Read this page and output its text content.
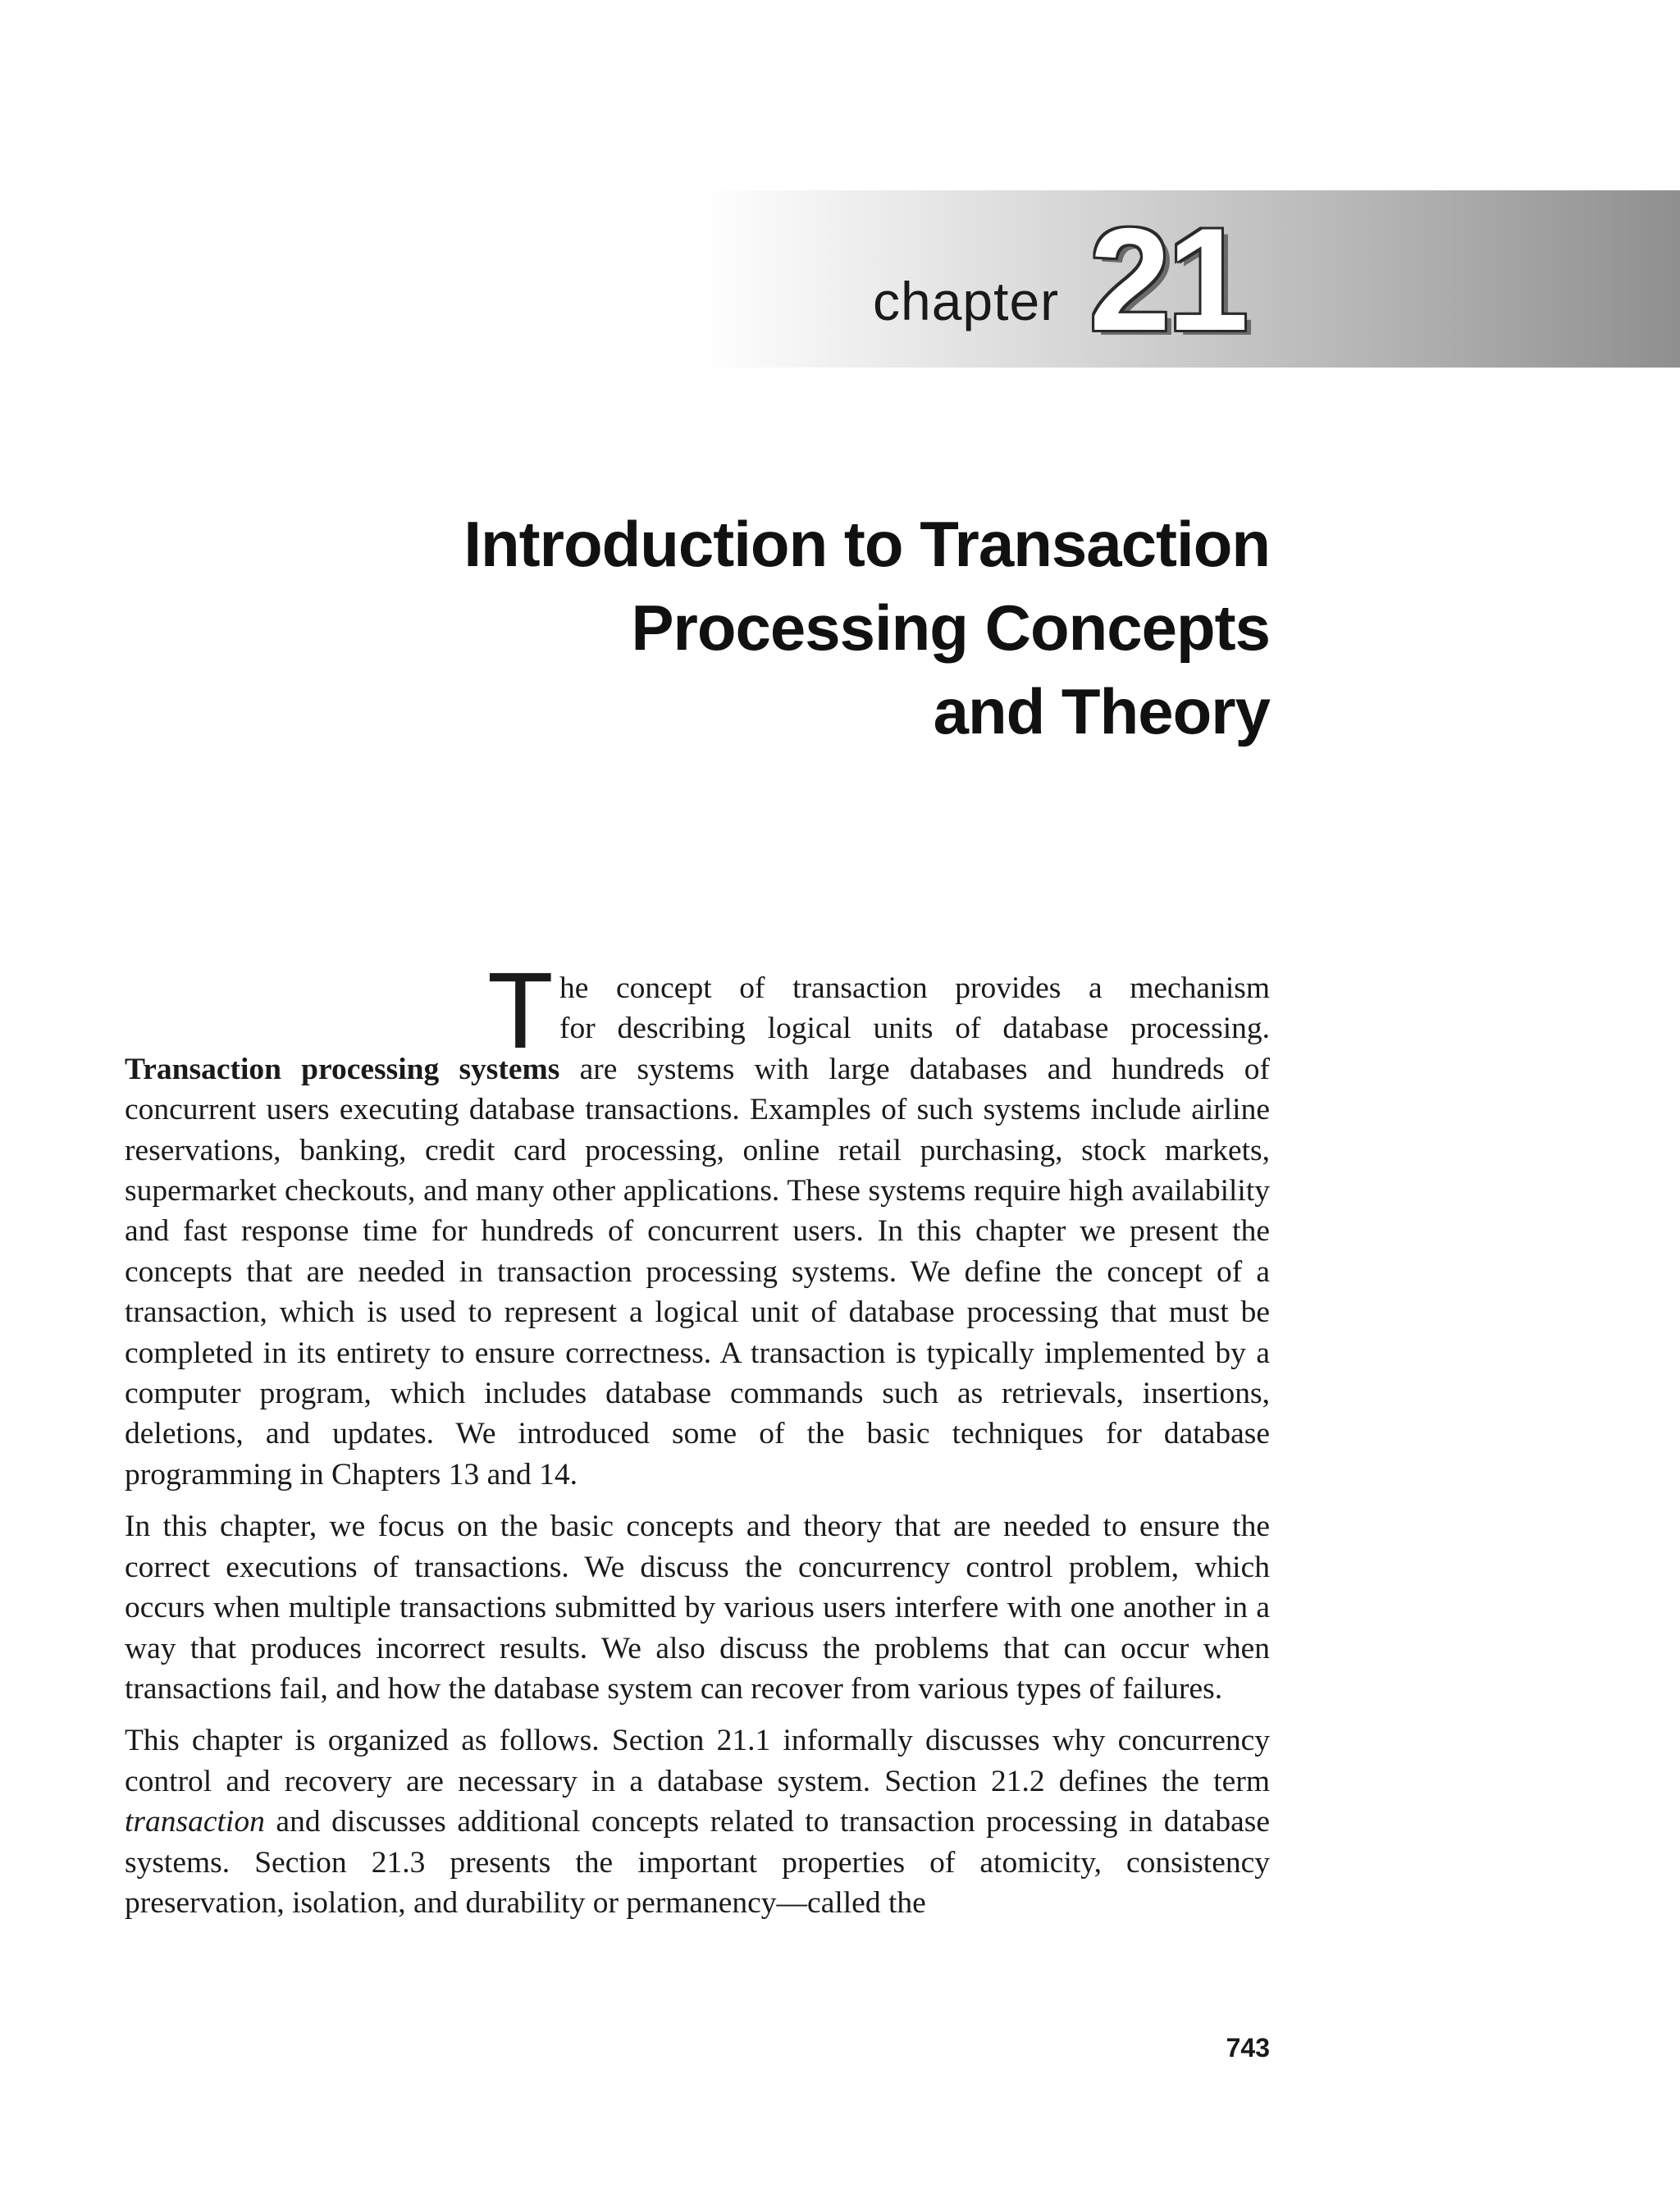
chapter 21
Introduction to Transaction
Processing Concepts
and Theory

T he concept of transaction provides a mechanism
for describing logical units of database processing.
Transaction processing systems are systems with large databases and hundreds of concurrent users executing database transactions. Examples of such systems include airline reservations, banking, credit card processing, online retail purchasing, stock markets, supermarket checkouts, and many other applications. These systems require high availability and fast response time for hundreds of concurrent users. In this chapter we present the concepts that are needed in transaction processing systems. We define the concept of a transaction, which is used to represent a logical unit of database processing that must be completed in its entirety to ensure correctness. A transaction is typically implemented by a computer program, which includes database commands such as retrievals, insertions, deletions, and updates. We introduced some of the basic techniques for database programming in Chapters 13 and 14.

In this chapter, we focus on the basic concepts and theory that are needed to ensure the correct executions of transactions. We discuss the concurrency control problem, which occurs when multiple transactions submitted by various users interfere with one another in a way that produces incorrect results. We also discuss the problems that can occur when transactions fail, and how the database system can recover from various types of failures.

This chapter is organized as follows. Section 21.1 informally discusses why concurrency control and recovery are necessary in a database system. Section 21.2 defines the term transaction and discusses additional concepts related to transaction processing in database systems. Section 21.3 presents the important properties of atomicity, consistency preservation, isolation, and durability or permanency—called the

743
